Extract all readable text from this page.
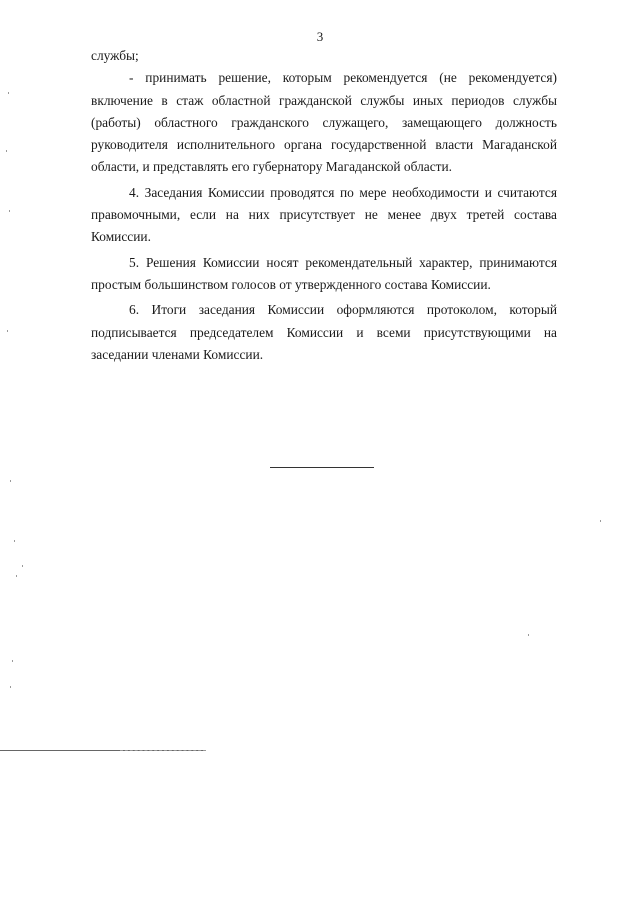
3

службы;

- принимать решение, которым рекомендуется (не рекомендуется) включение в стаж областной гражданской службы иных периодов службы (работы) областного гражданского служащего, замещающего должность руководителя исполнительного органа государственной власти Магаданской области, и представлять его губернатору Магаданской области.

4. Заседания Комиссии проводятся по мере необходимости и считаются правомочными, если на них присутствует не менее двух третей состава Комиссии.

5. Решения Комиссии носят рекомендательный характер, принимаются простым большинством голосов от утвержденного состава Комиссии.

6. Итоги заседания Комиссии оформляются протоколом, который подписывается председателем Комиссии и всеми присутствующими на заседании членами Комиссии.
